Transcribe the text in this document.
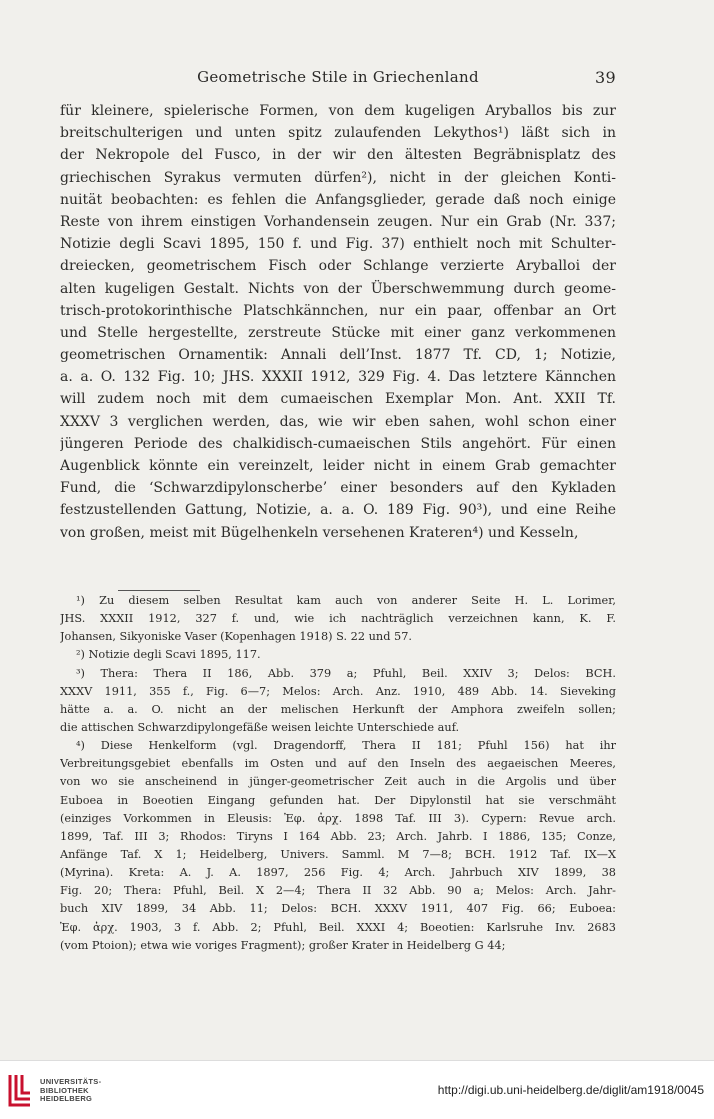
Geometrische Stile in Griechenland	39
für kleinere, spielerische Formen, von dem kugeligen Aryballos bis zur
breitschulterigen und unten spitz zulaufenden Lekythos¹) läßt sich in
der Nekropole del Fusco, in der wir den ältesten Begräbnisplatz des
griechischen Syrakus vermuten dürfen²), nicht in der gleichen Konti-
nuität beobachten: es fehlen die Anfangsglieder, gerade daß noch einige
Reste von ihrem einstigen Vorhandensein zeugen. Nur ein Grab (Nr. 337;
Notizie degli Scavi 1895, 150 f. und Fig. 37) enthielt noch mit Schulter-
dreiecken, geometrischem Fisch oder Schlange verzierte Aryballoi der
alten kugeligen Gestalt. Nichts von der Überschwemmung durch geome-
trisch-protokorinthische Platschkännchen, nur ein paar, offenbar an Ort
und Stelle hergestellte, zerstreute Stücke mit einer ganz verkommenen
geometrischen Ornamentik: Annali dell’Inst. 1877 Tf. CD, 1; Notizie,
a. a. O. 132 Fig. 10; JHS. XXXII 1912, 329 Fig. 4. Das letztere Kännchen
will zudem noch mit dem cumaeischen Exemplar Mon. Ant. XXII Tf.
XXXV 3 verglichen werden, das, wie wir eben sahen, wohl schon einer
jüngeren Periode des chalkidisch-cumaeischen Stils angehört. Für einen
Augenblick könnte ein vereinzelt, leider nicht in einem Grab gemachter
Fund, die ‘Schwarzdipylonscherbe’ einer besonders auf den Kykladen
festzustellenden Gattung, Notizie, a. a. O. 189 Fig. 90³), und eine Reihe
von großen, meist mit Bügelhenkeln versehenen Krateren⁴) und Kesseln,
¹) Zu diesem selben Resultat kam auch von anderer Seite H. L. Lorimer,
JHS. XXXII 1912, 327 f. und, wie ich nachträglich verzeichnen kann, K. F.
Johansen, Sikyoniske Vaser (Kopenhagen 1918) S. 22 und 57.
²) Notizie degli Scavi 1895, 117.
³) Thera: Thera II 186, Abb. 379 a; Pfuhl, Beil. XXIV 3; Delos: BCH.
XXXV 1911, 355 f., Fig. 6—7; Melos: Arch. Anz. 1910, 489 Abb. 14. Sieveking
hätte a. a. O. nicht an der melischen Herkunft der Amphora zweifeln sollen;
die attischen Schwarzdipylongefäße weisen leichte Unterschiede auf.
⁴) Diese Henkelform (vgl. Dragendorff, Thera II 181; Pfuhl 156) hat ihr
Verbreitungsgebiet ebenfalls im Osten und auf den Inseln des aegaeischen Meeres,
von wo sie anscheinend in jünger-geometrischer Zeit auch in die Argolis und über
Euboea in Boeotien Eingang gefunden hat. Der Dipylonstil hat sie verschmäht
(einziges Vorkommen in Eleusis: Ἐφ. ἀρχ. 1898 Taf. III 3). Cypern: Revue arch.
1899, Taf. III 3; Rhodos: Tiryns I 164 Abb. 23; Arch. Jahrb. I 1886, 135; Conze,
Anfänge Taf. X 1; Heidelberg, Univers. Samml. M 7—8; BCH. 1912 Taf. IX—X
(Myrina). Kreta: A. J. A. 1897, 256 Fig. 4; Arch. Jahrbuch XIV 1899, 38
Fig. 20; Thera: Pfuhl, Beil. X 2—4; Thera II 32 Abb. 90 a; Melos: Arch. Jahr-
buch XIV 1899, 34 Abb. 11; Delos: BCH. XXXV 1911, 407 Fig. 66; Euboea:
Ἐφ. ἀρχ. 1903, 3 f. Abb. 2; Pfuhl, Beil. XXXI 4; Boeotien: Karlsruhe Inv. 2683
(vom Ptoion); etwa wie voriges Fragment); großer Krater in Heidelberg G 44;
UNIVERSITÄTS-
BIBLIOTHEK
HEIDELBERG
http://digi.ub.uni-heidelberg.de/diglit/am1918/0045
